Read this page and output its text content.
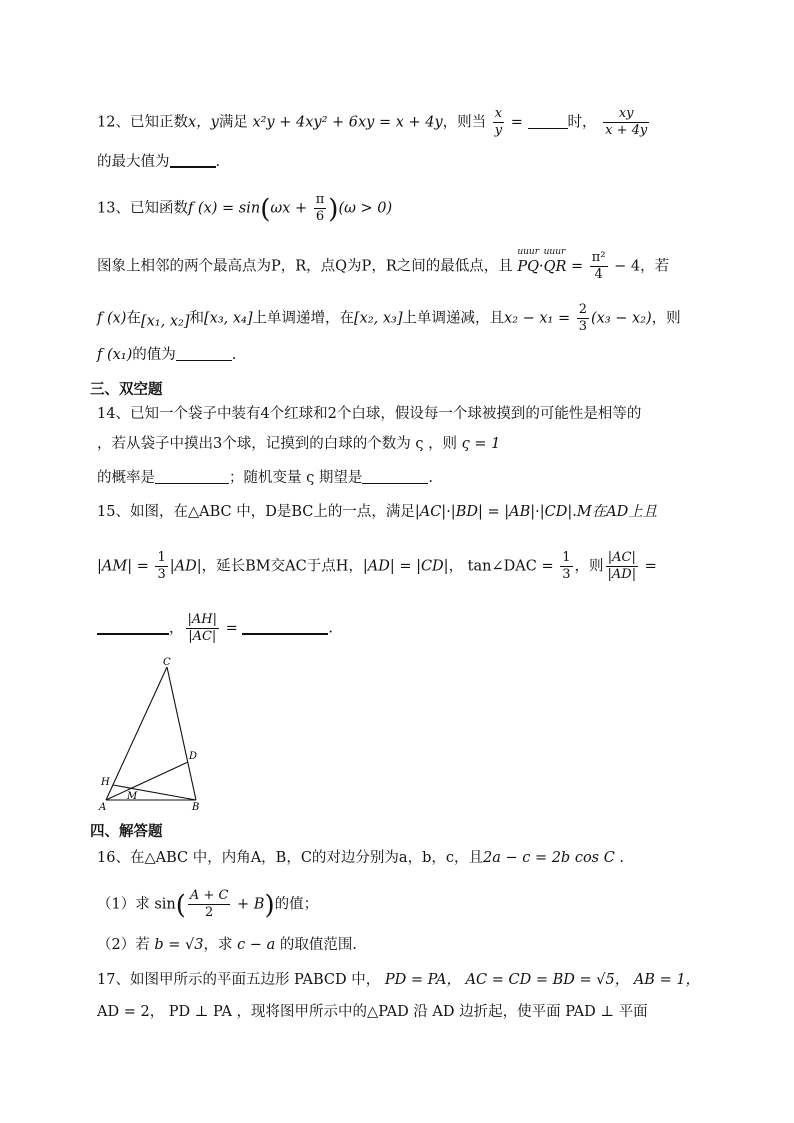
12、已知正数x，y满足 x²y + 4xy² + 6xy = x + 4y，则当 $\frac{x}{y}$ =	时， $\frac{xy}{x + 4y}$
的最大值为	.
13、已知函数f $(x) = \sin(\omega x + \frac{\pi}{6} )(\omega > 0)$
图象上相邻的两个最高点为P，R，点Q为P，R之间的最低点，且
uuur
PQ·
uuur
QR = $\frac{\text{π²}}{4} - 4$，若
f (x)在[x₁, x₂]和[x₃, x₄]上单调递增，在[x₂, x₃]上单调递减，且$x_2 - x_1 = \frac{2}{3} (x_3 - x_2)$，则
f (x₁)的值为	.
三、双空题
14、已知一个袋子中装有4个红球和2个白球，假设每一个球被摸到的可能性是相等的
，若从袋子中摸出3个球，记摸到的白球的个数为 ς ，则 ς = 1
的概率是	；随机变量 ς 期望是	.
15、如图，在△ABC 中，D是BC上的一点，满足|AC|·|BD| = |AB|·|CD|.M在AD上且
$|AM| = \frac{1}{3} |AD|$，延长BM交AC于点H，|AD| = |CD|， tan∠DAC = $\frac{1}{3}$ ，则 $\frac{|AC|}{|AD|}$ =
， $\frac{|AH|}{|AC|}$ =	.
C
D
H
M
A	B
四、解答题
16、在△ABC 中，内角A，B，C的对边分别为a，b，c，且2a − c = 2b cos C .
（1）求 $\sin( \frac{A + C}{2} + B)$的值；
（2）若 b = √3，求 c − a 的取值范围.
17、如图甲所示的平面五边形 PABCD 中， PD = PA， AC = CD = BD = √5， AB = 1，
AD = 2， PD ⊥ PA ，现将图甲所示中的△PAD 沿 AD 边折起，使平面 PAD ⊥ 平面
